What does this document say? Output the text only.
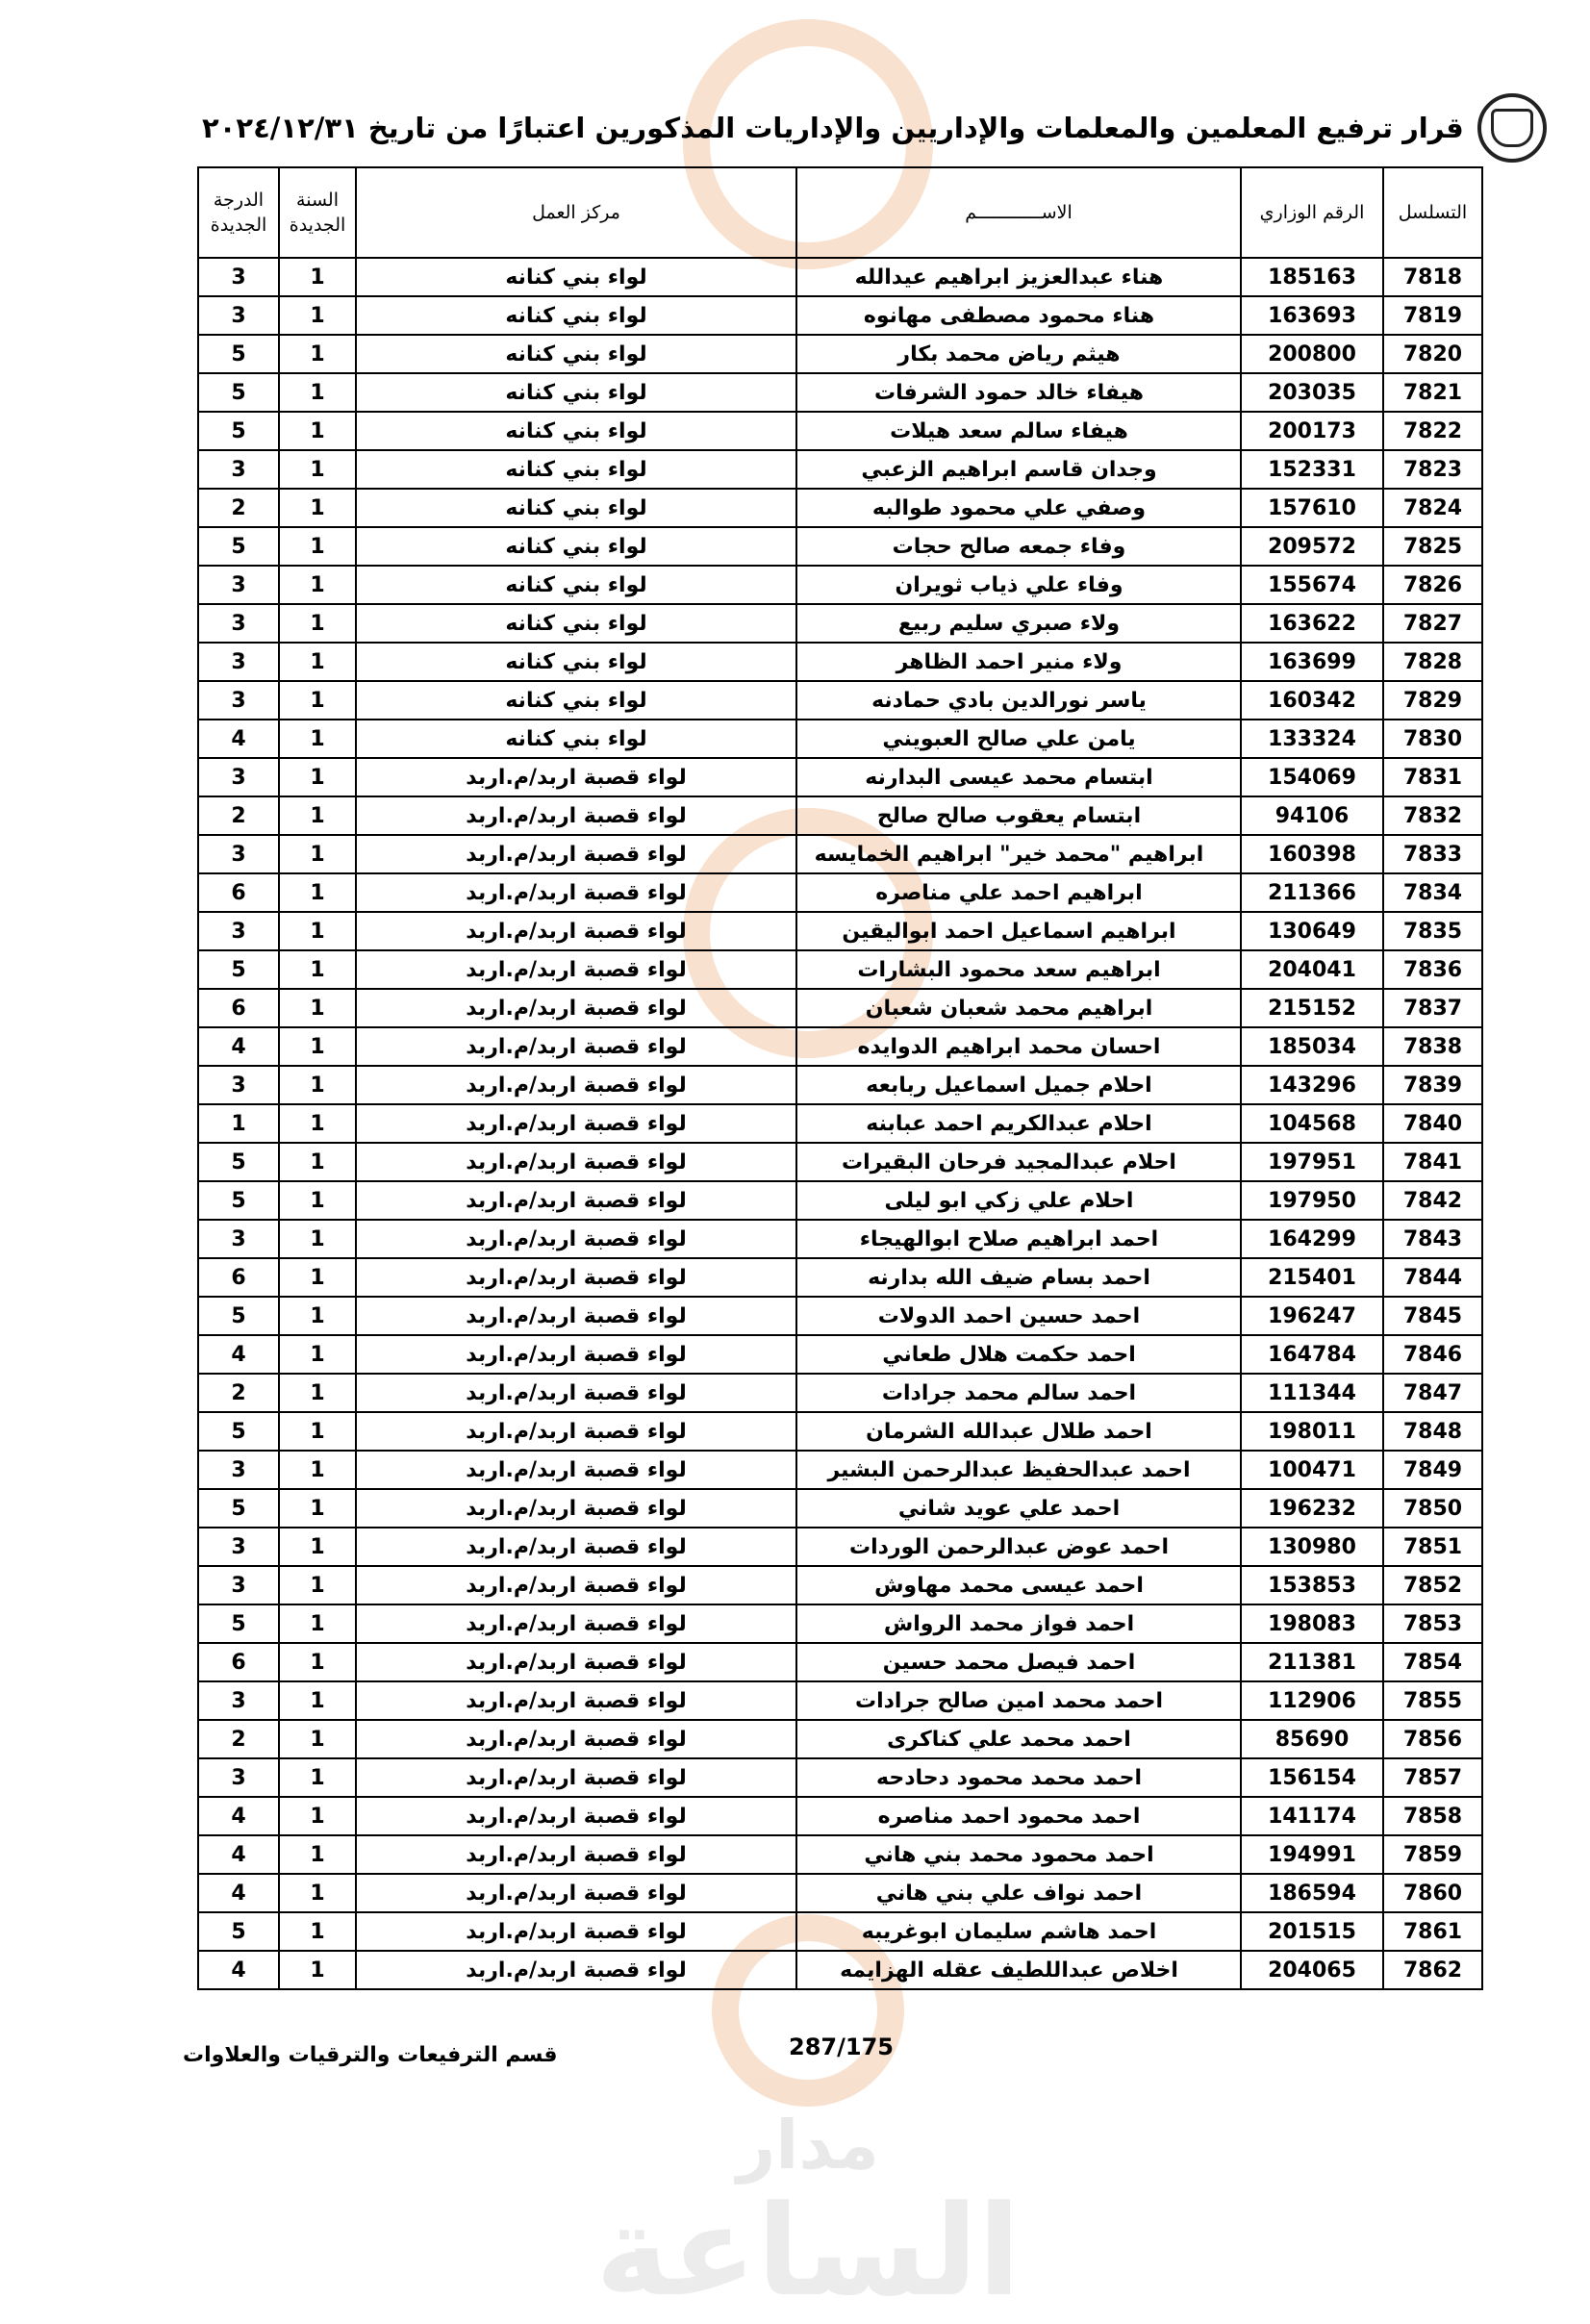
مدار
الساعة
قرار ترفيع المعلمين والمعلمات والإداريين والإداريات المذكورين اعتبارًا من تاريخ ٢٠٢٤/١٢/٣١
التسلسل	الرقم الوزاري	الاســــــــــــم	مركز العمل	السنة الجديدة	الدرجة الجديدة
7818	185163	هناء عبدالعزيز ابراهيم عيدالله	لواء بني كنانه	1	3
7819	163693	هناء محمود مصطفى مهانوه	لواء بني كنانه	1	3
7820	200800	هيثم رياض محمد بكار	لواء بني كنانه	1	5
7821	203035	هيفاء خالد حمود الشرفات	لواء بني كنانه	1	5
7822	200173	هيفاء سالم سعد هيلات	لواء بني كنانه	1	5
7823	152331	وجدان قاسم ابراهيم الزعبي	لواء بني كنانه	1	3
7824	157610	وصفي علي محمود طوالبه	لواء بني كنانه	1	2
7825	209572	وفاء جمعه صالح حجات	لواء بني كنانه	1	5
7826	155674	وفاء علي ذياب ثويران	لواء بني كنانه	1	3
7827	163622	ولاء صبري سليم ربيع	لواء بني كنانه	1	3
7828	163699	ولاء منير احمد الظاهر	لواء بني كنانه	1	3
7829	160342	ياسر نورالدين بادي حمادنه	لواء بني كنانه	1	3
7830	133324	يامن علي صالح العبويني	لواء بني كنانه	1	4
7831	154069	ابتسام محمد عيسى البدارنه	لواء قصبة اربد/م.اربد	1	3
7832	94106	ابتسام يعقوب صالح صالح	لواء قصبة اربد/م.اربد	1	2
7833	160398	ابراهيم "محمد خير" ابراهيم الخمايسه	لواء قصبة اربد/م.اربد	1	3
7834	211366	ابراهيم احمد علي مناصره	لواء قصبة اربد/م.اربد	1	6
7835	130649	ابراهيم اسماعيل احمد ابواليقين	لواء قصبة اربد/م.اربد	1	3
7836	204041	ابراهيم سعد محمود البشارات	لواء قصبة اربد/م.اربد	1	5
7837	215152	ابراهيم محمد شعبان شعبان	لواء قصبة اربد/م.اربد	1	6
7838	185034	احسان محمد ابراهيم الدوايده	لواء قصبة اربد/م.اربد	1	4
7839	143296	احلام جميل اسماعيل ربابعه	لواء قصبة اربد/م.اربد	1	3
7840	104568	احلام عبدالكريم احمد عبابنه	لواء قصبة اربد/م.اربد	1	1
7841	197951	احلام عبدالمجيد فرحان البقيرات	لواء قصبة اربد/م.اربد	1	5
7842	197950	احلام علي زكي ابو ليلى	لواء قصبة اربد/م.اربد	1	5
7843	164299	احمد ابراهيم صلاح ابوالهيجاء	لواء قصبة اربد/م.اربد	1	3
7844	215401	احمد بسام ضيف الله بدارنه	لواء قصبة اربد/م.اربد	1	6
7845	196247	احمد حسين احمد الدولات	لواء قصبة اربد/م.اربد	1	5
7846	164784	احمد حكمت هلال طعاني	لواء قصبة اربد/م.اربد	1	4
7847	111344	احمد سالم محمد جرادات	لواء قصبة اربد/م.اربد	1	2
7848	198011	احمد طلال عبدالله الشرمان	لواء قصبة اربد/م.اربد	1	5
7849	100471	احمد عبدالحفيظ عبدالرحمن البشير	لواء قصبة اربد/م.اربد	1	3
7850	196232	احمد علي عويد شاني	لواء قصبة اربد/م.اربد	1	5
7851	130980	احمد عوض عبدالرحمن الوردات	لواء قصبة اربد/م.اربد	1	3
7852	153853	احمد عيسى محمد مهاوش	لواء قصبة اربد/م.اربد	1	3
7853	198083	احمد فواز محمد الرواش	لواء قصبة اربد/م.اربد	1	5
7854	211381	احمد فيصل محمد حسين	لواء قصبة اربد/م.اربد	1	6
7855	112906	احمد محمد امين صالح جرادات	لواء قصبة اربد/م.اربد	1	3
7856	85690	احمد محمد علي كناكرى	لواء قصبة اربد/م.اربد	1	2
7857	156154	احمد محمد محمود دحادحه	لواء قصبة اربد/م.اربد	1	3
7858	141174	احمد محمود احمد مناصره	لواء قصبة اربد/م.اربد	1	4
7859	194991	احمد محمود محمد بني هاني	لواء قصبة اربد/م.اربد	1	4
7860	186594	احمد نواف علي بني هاني	لواء قصبة اربد/م.اربد	1	4
7861	201515	احمد هاشم سليمان ابوغريبه	لواء قصبة اربد/م.اربد	1	5
7862	204065	اخلاص عبداللطيف عقله الهزايمه	لواء قصبة اربد/م.اربد	1	4
287/175
قسم الترفيعات والترقيات والعلاوات
